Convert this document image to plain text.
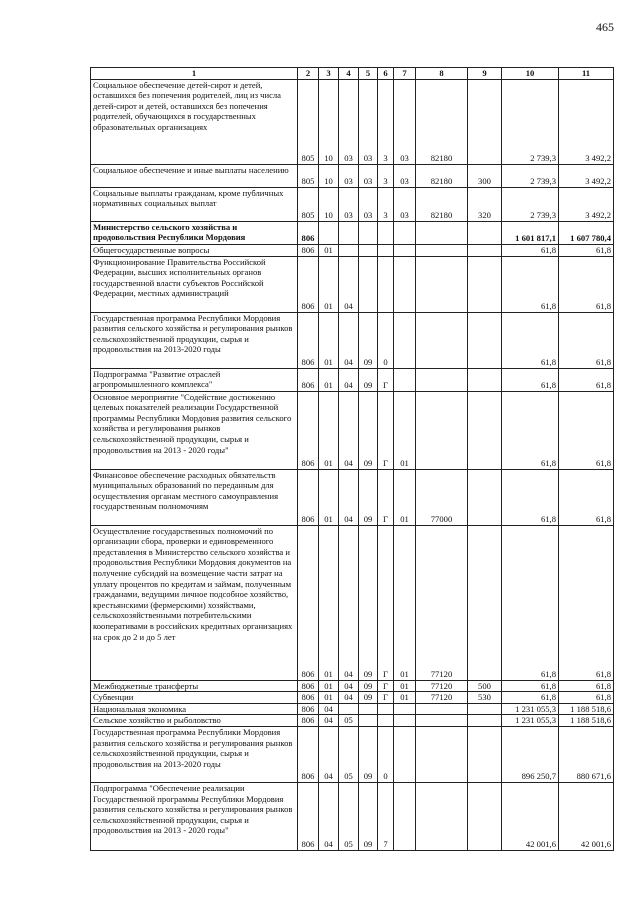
465
1	2	3	4	5	6	7	8	9	10	11
Социальное обеспечение детей-сирот и детей, оставшихся без попечения родителей, лиц из числа детей-сирот и детей, оставшихся без попечения родителей, обучающихся в государственных образовательных организациях	805	10	03	03	3	03	82180		2 739,3	3 492,2
Социальное обеспечение и иные выплаты населению	805	10	03	03	3	03	82180	300	2 739,3	3 492,2
Социальные выплаты гражданам, кроме публичных нормативных социальных выплат	805	10	03	03	3	03	82180	320	2 739,3	3 492,2
Министерство сельского хозяйства и продовольствия Республики Мордовия	806								1 601 817,1	1 607 780,4
Общегосударственные вопросы	806	01							61,8	61,8
Функционирование Правительства Российской Федерации, высших исполнительных органов государственной власти субъектов Российской Федерации, местных администраций	806	01	04						61,8	61,8
Государственная программа Республики Мордовия развития сельского хозяйства и регулирования рынков сельскохозяйственной продукции, сырья и продовольствия на 2013-2020 годы	806	01	04	09	0				61,8	61,8
Подпрограмма "Развитие отраслей агропромышленного комплекса"	806	01	04	09	Г				61,8	61,8
Основное мероприятие "Содействие достижению целевых показателей реализации Государственной программы Республики Мордовия развития сельского хозяйства и регулирования рынков сельскохозяйственной продукции, сырья и продовольствия на 2013 - 2020 годы"	806	01	04	09	Г	01			61,8	61,8
Финансовое обеспечение расходных обязательств муниципальных образований по переданным для осуществления органам местного самоуправления государственным полномочиям	806	01	04	09	Г	01	77000		61,8	61,8
Осуществление государственных полномочий по организации сбора, проверки и единовременного представления в Министерство сельского хозяйства и продовольствия Республики Мордовия документов на получение субсидий на возмещение части затрат на уплату процентов по кредитам и займам, полученным гражданами, ведущими личное подсобное хозяйство, крестьянскими (фермерскими) хозяйствами, сельскохозяйственными потребительскими кооперативами в российских кредитных организациях на срок до 2 и до 5 лет	806	01	04	09	Г	01	77120		61,8	61,8
Межбюджетные трансферты	806	01	04	09	Г	01	77120	500	61,8	61,8
Субвенции	806	01	04	09	Г	01	77120	530	61,8	61,8
Национальная экономика	806	04							1 231 055,3	1 188 518,6
Сельское хозяйство и рыболовство	806	04	05						1 231 055,3	1 188 518,6
Государственная программа Республики Мордовия развития сельского хозяйства и регулирования рынков сельскохозяйственной продукции, сырья и продовольствия на 2013-2020 годы	806	04	05	09	0				896 250,7	880 671,6
Подпрограмма "Обеспечение реализации Государственной программы Республики Мордовия развития сельского хозяйства и регулирования рынков сельскохозяйственной продукции, сырья и продовольствия на 2013 - 2020 годы"	806	04	05	09	7				42 001,6	42 001,6
